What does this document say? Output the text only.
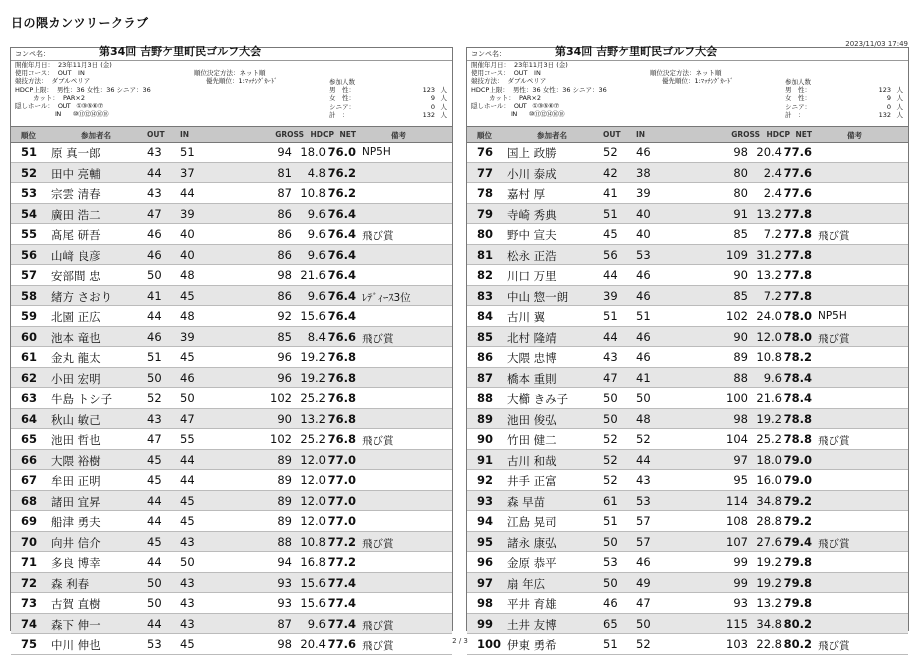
日の隈カンツリークラブ
2023/11/03 17:49
コンペ名：	第34回 吉野ケ里町民ゴルフ大会
開催年月日： 23年11月3日 (金)
使用コース： OUT　IN
競技方法： ダブルペリア
HDCP上限： 男性：36 女性：36 シニア：36
カット： PAR×2
隠しホール： OUT　①③⑤⑥⑦
IN　　⑩⑪⑫⑭⑯⑱
順位決定方法：ネット順
優先順位：1:ﾏｯﾁﾝｸﾞｶｰﾄﾞ	参加人数
男　性：	123 人
女　性：	9 人
シニア：	0 人
計　：	132 人
順位	参加者名	OUT IN	GROSS HDCP NET	備考
51 原 真一郎	43 51	94 18.0 76.0 NP5H
52 田中 亮輔	44 37	81 4.8 76.2
53 宗雲 清春	43 44	87 10.8 76.2
54 廣田 浩二	47 39	86 9.6 76.4
55 髙尾 研吾	46 40	86 9.6 76.4 飛び賞
56 山﨑 良彦	46 40	86 9.6 76.4
57 安部間 忠	50 48	98 21.6 76.4
58 緒方 さおり	41 45	86 9.6 76.4 ﾚﾃﾞｨｰｽ3位
59 北園 正広	44 48	92 15.6 76.4
60 池本 竜也	46 39	85 8.4 76.6 飛び賞
61 金丸 龍太	51 45	96 19.2 76.8
62 小田 宏明	50 46	96 19.2 76.8
63 牛島 トシ子	52 50	102 25.2 76.8
64 秋山 敏己	43 47	90 13.2 76.8
65 池田 哲也	47 55	102 25.2 76.8 飛び賞
66 大隈 裕樹	45 44	89 12.0 77.0
67 牟田 正明	45 44	89 12.0 77.0
68 諸田 宜昇	44 45	89 12.0 77.0
69 船津 勇夫	44 45	89 12.0 77.0
70 向井 信介	45 43	88 10.8 77.2 飛び賞
71 多良 博幸	44 50	94 16.8 77.2
72 森 利春	50 43	93 15.6 77.4
73 古賀 直樹	50 43	93 15.6 77.4
74 森下 伸一	44 43	87 9.6 77.4 飛び賞
75 中川 伸也	53 45	98 20.4 77.6 飛び賞
コンペ名：	第34回 吉野ケ里町民ゴルフ大会
開催年月日： 23年11月3日 (金)
使用コース： OUT　IN
競技方法： ダブルペリア
HDCP上限： 男性：36 女性：36 シニア：36
カット： PAR×2
隠しホール： OUT　①③⑤⑥⑦
IN　　⑩⑪⑫⑭⑯⑱
順位決定方法：ネット順
優先順位：1:ﾏｯﾁﾝｸﾞｶｰﾄﾞ	参加人数
男　性：	123 人
女　性：	9 人
シニア：	0 人
計　：	132 人
順位	参加者名	OUT IN	GROSS HDCP NET	備考
76 国上 政勝	52 46	98 20.4 77.6
77 小川 泰成	42 38	80 2.4 77.6
78 嘉村 厚	41 39	80 2.4 77.6
79 寺崎 秀典	51 40	91 13.2 77.8
80 野中 宣夫	45 40	85 7.2 77.8 飛び賞
81 松永 正浩	56 53	109 31.2 77.8
82 川口 万里	44 46	90 13.2 77.8
83 中山 惣一朗	39 46	85 7.2 77.8
84 古川 翼	51 51	102 24.0 78.0 NP5H
85 北村 隆靖	44 46	90 12.0 78.0 飛び賞
86 大隈 忠博	43 46	89 10.8 78.2
87 橋本 重則	47 41	88 9.6 78.4
88 大櫛 きみ子	50 50	100 21.6 78.4
89 池田 俊弘	50 48	98 19.2 78.8
90 竹田 健二	52 52	104 25.2 78.8 飛び賞
91 古川 和哉	52 44	97 18.0 79.0
92 井手 正富	52 43	95 16.0 79.0
93 森 早苗	61 53	114 34.8 79.2
94 江島 晃司	51 57	108 28.8 79.2
95 諸永 康弘	50 57	107 27.6 79.4 飛び賞
96 金原 恭平	53 46	99 19.2 79.8
97 扇 年広	50 49	99 19.2 79.8
98 平井 育雄	46 47	93 13.2 79.8
99 土井 友博	65 50	115 34.8 80.2
100 伊東 勇希	51 52	103 22.8 80.2 飛び賞
2 / 3
